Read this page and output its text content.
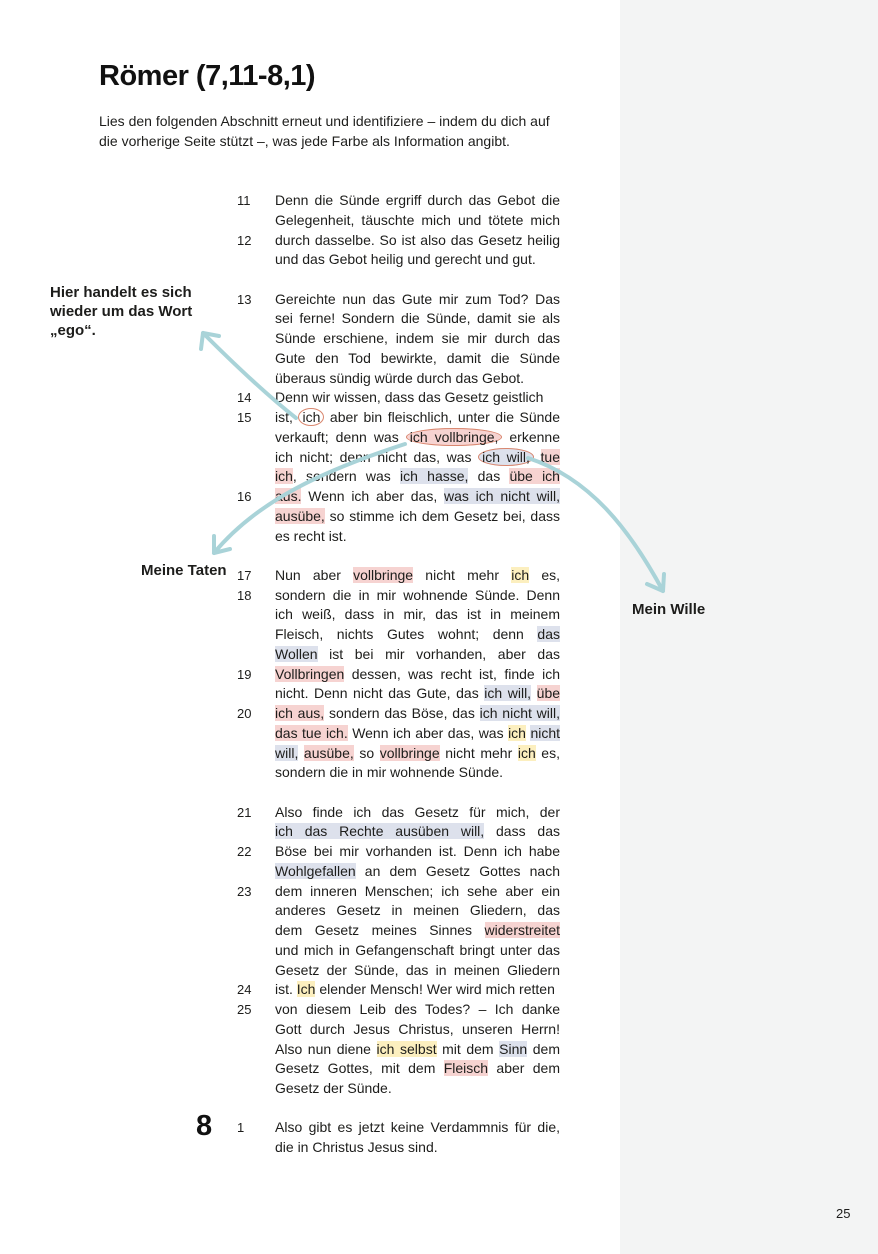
Römer (7,11-8,1)

Lies den folgenden Abschnitt erneut und identifiziere – indem du dich auf die vorherige Seite stützt –, was jede Farbe als Information angibt.

11	Denn die Sünde ergriff durch das Gebot die
Gelegenheit, täuschte mich und tötete mich
12	durch dasselbe. So ist also das Gesetz heilig
und das Gebot heilig und gerecht und gut.
13	Gereichte nun das Gute mir zum Tod? Das
sei ferne! Sondern die Sünde, damit sie als
Sünde erschiene, indem sie mir durch das
Gute den Tod bewirkte, damit die Sünde
überaus sündig würde durch das Gebot.
14	Denn wir wissen, dass das Gesetz geistlich
15	ist, ich aber bin fleischlich, unter die Sünde
verkauft; denn was ich vollbringe, erkenne
ich nicht; denn nicht das, was ich will, tue
ich, sondern was ich hasse, das übe ich
16	aus. Wenn ich aber das, was ich nicht will,
ausübe, so stimme ich dem Gesetz bei, dass
es recht ist.
17	Nun aber vollbringe nicht mehr ich es,
18	sondern die in mir wohnende Sünde. Denn
ich weiß, dass in mir, das ist in meinem
Fleisch, nichts Gutes wohnt; denn das
Wollen ist bei mir vorhanden, aber das
19	Vollbringen dessen, was recht ist, finde ich
nicht. Denn nicht das Gute, das ich will, übe
20	ich aus, sondern das Böse, das ich nicht will,
das tue ich. Wenn ich aber das, was ich nicht
will, ausübe, so vollbringe nicht mehr ich es,
sondern die in mir wohnende Sünde.
21	Also finde ich das Gesetz für mich, der
ich das Rechte ausüben will, dass das
22	Böse bei mir vorhanden ist. Denn ich habe
Wohlgefallen an dem Gesetz Gottes nach
23	dem inneren Menschen; ich sehe aber ein
anderes Gesetz in meinen Gliedern, das
dem Gesetz meines Sinnes widerstreitet
und mich in Gefangenschaft bringt unter das
Gesetz der Sünde, das in meinen Gliedern
24	ist. Ich elender Mensch! Wer wird mich retten
25	von diesem Leib des Todes? – Ich danke
Gott durch Jesus Christus, unseren Herrn!
Also nun diene ich selbst mit dem Sinn dem
Gesetz Gottes, mit dem Fleisch aber dem
Gesetz der Sünde.
1	Also gibt es jetzt keine Verdammnis für die,
die in Christus Jesus sind.
Hier handelt es sich
wieder um das Wort
„ego“.
Meine Taten
Mein Wille
8
25
